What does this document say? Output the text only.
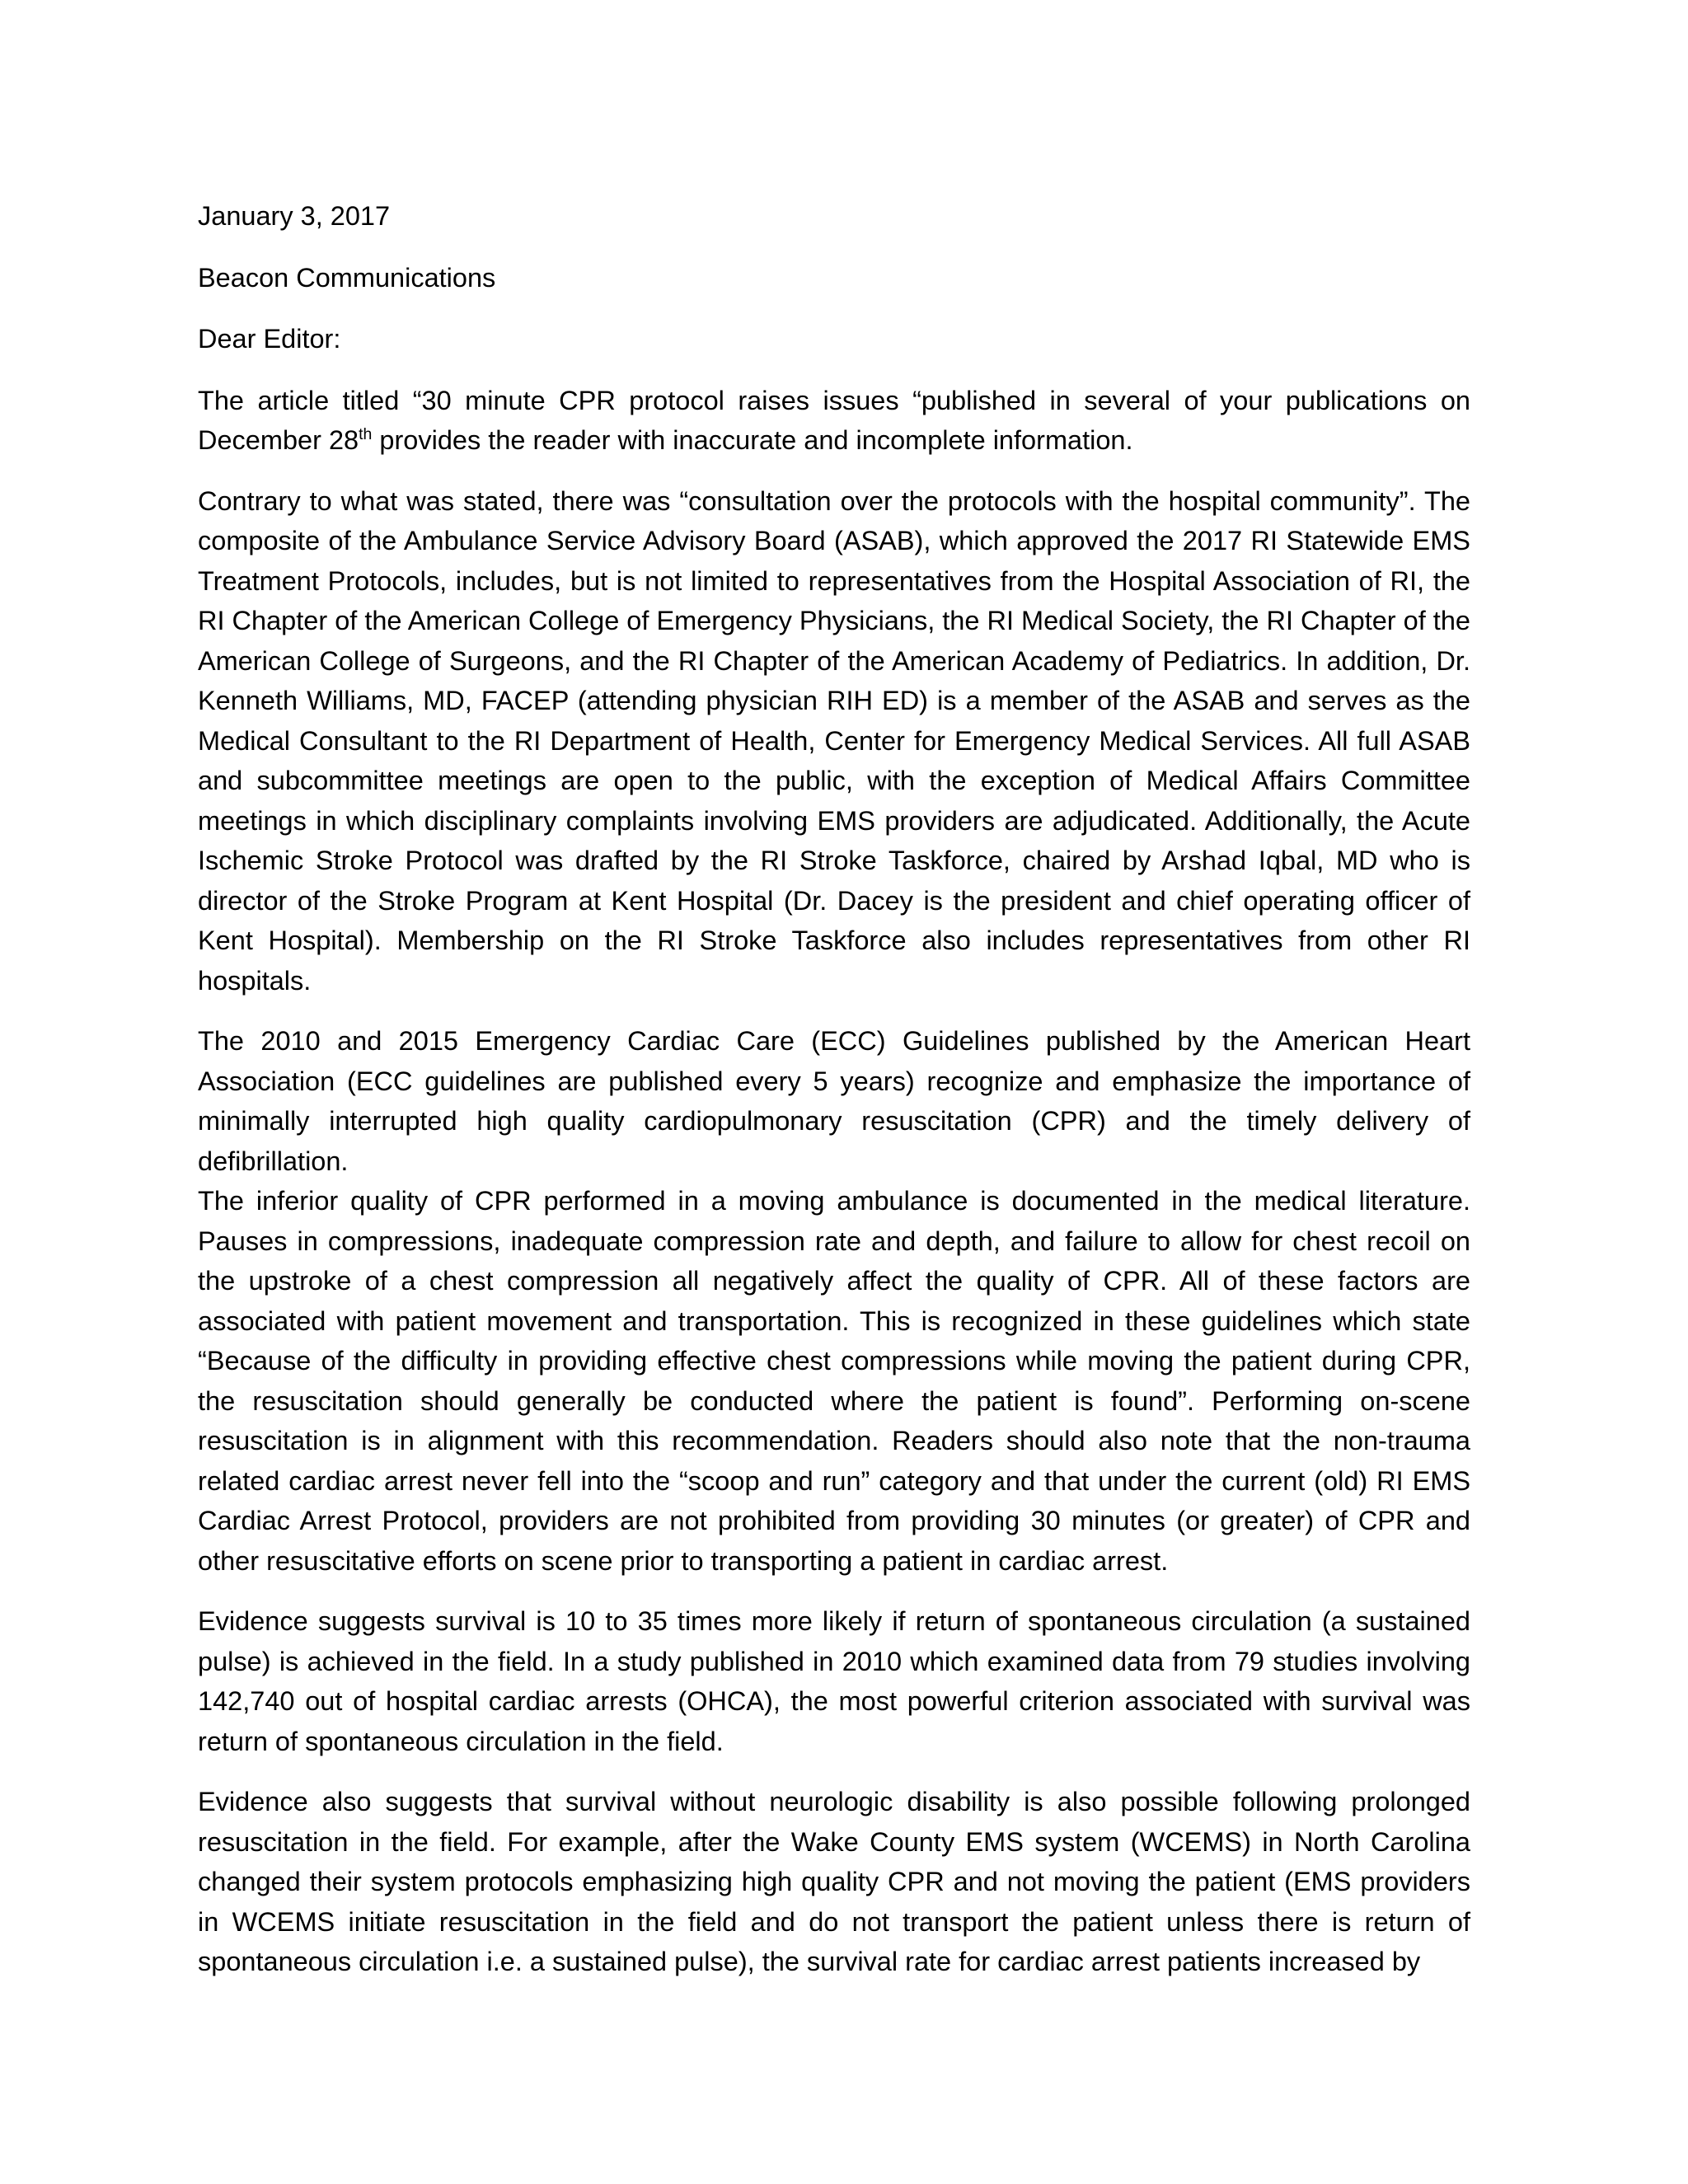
January 3, 2017
Beacon Communications
Dear Editor:

The article titled “30 minute CPR protocol raises issues “published in several of your publications on December 28th provides the reader with inaccurate and incomplete information.

Contrary to what was stated, there was “consultation over the protocols with the hospital community”. The composite of the Ambulance Service Advisory Board (ASAB), which approved the 2017 RI Statewide EMS Treatment Protocols, includes, but is not limited to representatives from the Hospital Association of RI, the RI Chapter of the American College of Emergency Physicians, the RI Medical Society, the RI Chapter of the American College of Surgeons, and the RI Chapter of the American Academy of Pediatrics. In addition, Dr. Kenneth Williams, MD, FACEP (attending physician RIH ED) is a member of the ASAB and serves as the Medical Consultant to the RI Department of Health, Center for Emergency Medical Services. All full ASAB and subcommittee meetings are open to the public, with the exception of Medical Affairs Committee meetings in which disciplinary complaints involving EMS providers are adjudicated. Additionally, the Acute Ischemic Stroke Protocol was drafted by the RI Stroke Taskforce, chaired by Arshad Iqbal, MD who is director of the Stroke Program at Kent Hospital (Dr. Dacey is the president and chief operating officer of Kent Hospital). Membership on the RI Stroke Taskforce also includes representatives from other RI hospitals.

The 2010 and 2015 Emergency Cardiac Care (ECC) Guidelines published by the American Heart Association (ECC guidelines are published every 5 years) recognize and emphasize the importance of minimally interrupted high quality cardiopulmonary resuscitation (CPR) and the timely delivery of defibrillation.

The inferior quality of CPR performed in a moving ambulance is documented in the medical literature. Pauses in compressions, inadequate compression rate and depth, and failure to allow for chest recoil on the upstroke of a chest compression all negatively affect the quality of CPR. All of these factors are associated with patient movement and transportation. This is recognized in these guidelines which state “Because of the difficulty in providing effective chest compressions while moving the patient during CPR, the resuscitation should generally be conducted where the patient is found”. Performing on-scene resuscitation is in alignment with this recommendation. Readers should also note that the non-trauma related cardiac arrest never fell into the “scoop and run” category and that under the current (old) RI EMS Cardiac Arrest Protocol, providers are not prohibited from providing 30 minutes (or greater) of CPR and other resuscitative efforts on scene prior to transporting a patient in cardiac arrest.

Evidence suggests survival is 10 to 35 times more likely if return of spontaneous circulation (a sustained pulse) is achieved in the field. In a study published in 2010 which examined data from 79 studies involving 142,740 out of hospital cardiac arrests (OHCA), the most powerful criterion associated with survival was return of spontaneous circulation in the field.

Evidence also suggests that survival without neurologic disability is also possible following prolonged resuscitation in the field. For example, after the Wake County EMS system (WCEMS) in North Carolina changed their system protocols emphasizing high quality CPR and not moving the patient (EMS providers in WCEMS initiate resuscitation in the field and do not transport the patient unless there is return of spontaneous circulation i.e. a sustained pulse), the survival rate for cardiac arrest patients increased by
